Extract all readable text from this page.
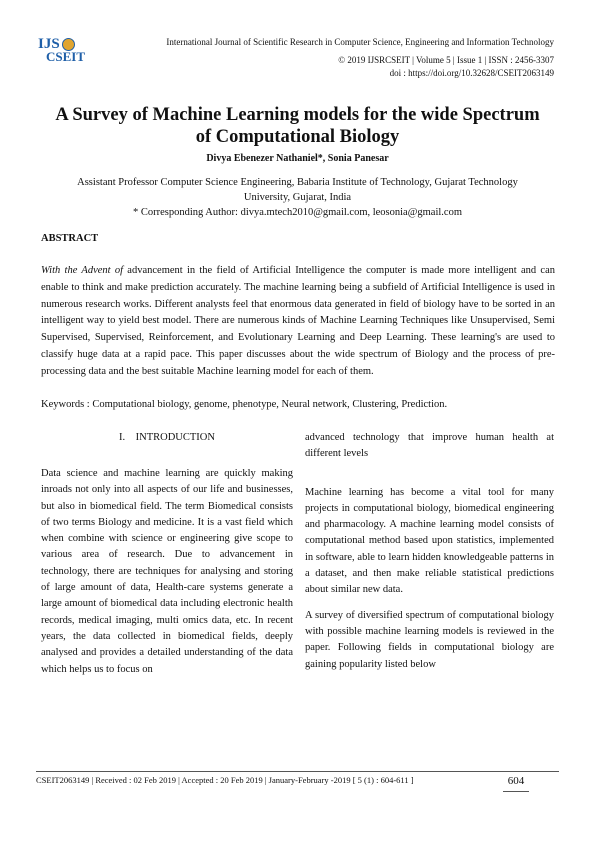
IJS
CSEIT
International Journal of Scientific Research in Computer Science, Engineering and Information Technology
© 2019 IJSRCSEIT | Volume 5 | Issue 1 | ISSN : 2456-3307
doi : https://doi.org/10.32628/CSEIT2063149
A Survey of Machine Learning models for the wide Spectrum
of Computational Biology
Divya Ebenezer Nathaniel*, Sonia Panesar
Assistant Professor Computer Science Engineering, Babaria Institute of Technology, Gujarat Technology
University, Gujarat, India
* Corresponding Author: divya.mtech2010@gmail.com, leosonia@gmail.com
ABSTRACT
With the Advent of advancement in the field of Artificial Intelligence the computer is made more intelligent and can enable to think and make prediction accurately. The machine learning being a subfield of Artificial Intelligence is used in numerous research works. Different analysts feel that enormous data generated in field of biology have to be sorted in an intelligent way to yield best model. There are numerous kinds of Machine Learning Techniques like Unsupervised, Semi Supervised, Supervised, Reinforcement, and Evolutionary Learning and Deep Learning. These learning's are used to classify huge data at a rapid pace. This paper discusses about the wide spectrum of Biology and the process of pre-processing data and the best suitable Machine learning model for each of them.
Keywords : Computational biology, genome, phenotype, Neural network, Clustering, Prediction.
I.    INTRODUCTION

Data science and machine learning are quickly making inroads not only into all aspects of our life and businesses, but also in biomedical field. The term Biomedical consists of two terms Biology and medicine. It is a vast field which when combine with science or engineering give scope to various area of research. Due to advancement in technology, there are techniques for analysing and storing of large amount of data, Health-care systems generate a large amount of biomedical data including electronic health records, medical imaging, multi omics data, etc. In recent years, the data collected in biomedical fields, deeply analysed and provides a detailed understanding of the data which helps us to focus on

advanced technology that improve human health at different levels

Machine learning has become a vital tool for many projects in computational biology, biomedical engineering and pharmacology. A machine learning model consists of computational method based upon statistics, implemented in software, able to learn hidden knowledgeable patterns in a dataset, and then make reliable statistical predictions about similar new data.

A survey of diversified spectrum of computational biology with possible machine learning models is reviewed in the paper. Following fields in computational biology are gaining popularity listed below

CSEIT2063149 | Received : 02 Feb 2019 | Accepted : 20 Feb 2019 | January-February -2019 [ 5 (1) : 604-611 ]	604
